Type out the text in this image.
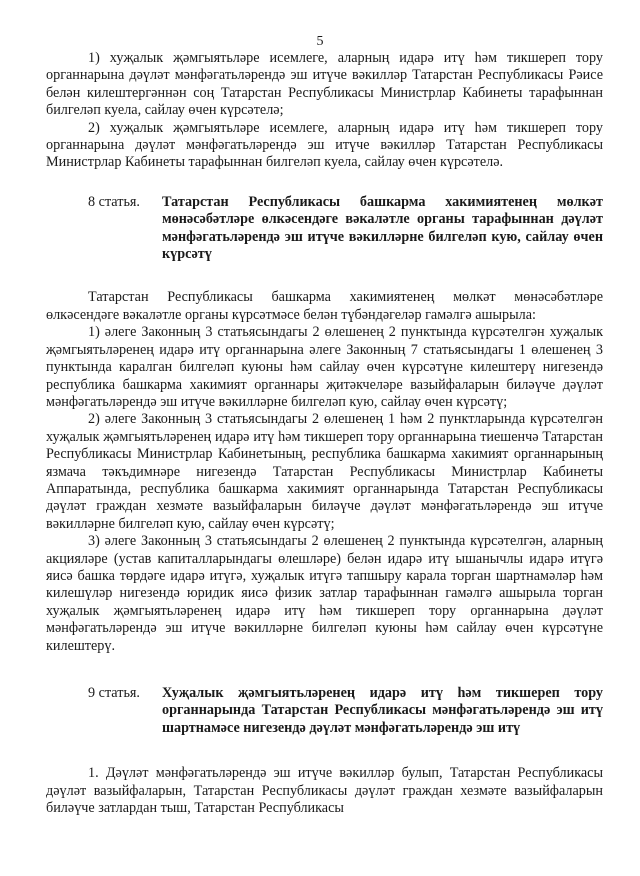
5

1) хуҗалык җәмгыятьләре исемлеге, аларның идарә итү һәм тикшереп тору органнарына дәүләт мәнфәгатьләрендә эш итүче вәкилләр Татарстан Республикасы Рәисе белән килештергәннән соң Татарстан Республикасы Министрлар Кабинеты тарафыннан билгеләп куела, сайлау өчен күрсәтелә;

2) хуҗалык җәмгыятьләре исемлеге, аларның идарә итү һәм тикшереп тору органнарына дәүләт мәнфәгатьләрендә эш итүче вәкилләр Татарстан Республикасы Министрлар Кабинеты тарафыннан билгеләп куела, сайлау өчен күрсәтелә.

8 статья.	Татарстан Республикасы башкарма хакимиятенең мөлкәт мөнәсәбәтләре өлкәсендәге вәкаләтле органы тарафыннан дәүләт мәнфәгатьләрендә эш итүче вәкилләрне билгеләп кую, сайлау өчен күрсәтү

Татарстан Республикасы башкарма хакимиятенең мөлкәт мөнәсәбәтләре өлкәсендәге вәкаләтле органы күрсәтмәсе белән түбәндәгеләр гамәлгә ашырыла:

1) әлеге Законның 3 статьясындагы 2 өлешенең 2 пунктында күрсәтелгән хуҗалык җәмгыятьләренең идарә итү органнарына әлеге Законның 7 статьясындагы 1 өлешенең 3 пунктында каралган билгеләп куюны һәм сайлау өчен күрсәтүне килештерү нигезендә республика башкарма хакимият органнары җитәкчеләре вазыйфаларын биләүче дәүләт мәнфәгатьләрендә эш итүче вәкилләрне билгеләп кую, сайлау өчен күрсәтү;

2) әлеге Законның 3 статьясындагы 2 өлешенең 1 һәм 2 пунктларында күрсәтелгән хуҗалык җәмгыятьләренең идарә итү һәм тикшереп тору органнарына тиешенчә Татарстан Республикасы Министрлар Кабинетының, республика башкарма хакимият органнарының язмача тәкъдимнәре нигезендә Татарстан Республикасы Министрлар Кабинеты Аппаратында, республика башкарма хакимият органнарында Татарстан Республикасы дәүләт граждан хезмәте вазыйфаларын биләүче дәүләт мәнфәгатьләрендә эш итүче вәкилләрне билгеләп кую, сайлау өчен күрсәтү;

3) әлеге Законның 3 статьясындагы 2 өлешенең 2 пунктында күрсәтелгән, аларның акцияләре (устав капиталларындагы өлешләре) белән идарә итү ышанычлы идарә итүгә яисә башка төрдәге идарә итүгә, хуҗалык итүгә тапшыру карала торган шартнамәләр һәм килешүләр нигезендә юридик яисә физик затлар тарафыннан гамәлгә ашырыла торган хуҗалык җәмгыятьләренең идарә итү һәм тикшереп тору органнарына дәүләт мәнфәгатьләрендә эш итүче вәкилләрне билгеләп куюны һәм сайлау өчен күрсәтүне килештерү.

9 статья.	Хуҗалык җәмгыятьләренең идарә итү һәм тикшереп тору органнарында Татарстан Республикасы мәнфәгатьләрендә эш итү шартнамәсе нигезендә дәүләт мәнфәгатьләрендә эш итү

1. Дәүләт мәнфәгатьләрендә эш итүче вәкилләр булып, Татарстан Республикасы дәүләт вазыйфаларын, Татарстан Республикасы дәүләт граждан хезмәте вазыйфаларын биләүче затлардан тыш, Татарстан Республикасы
